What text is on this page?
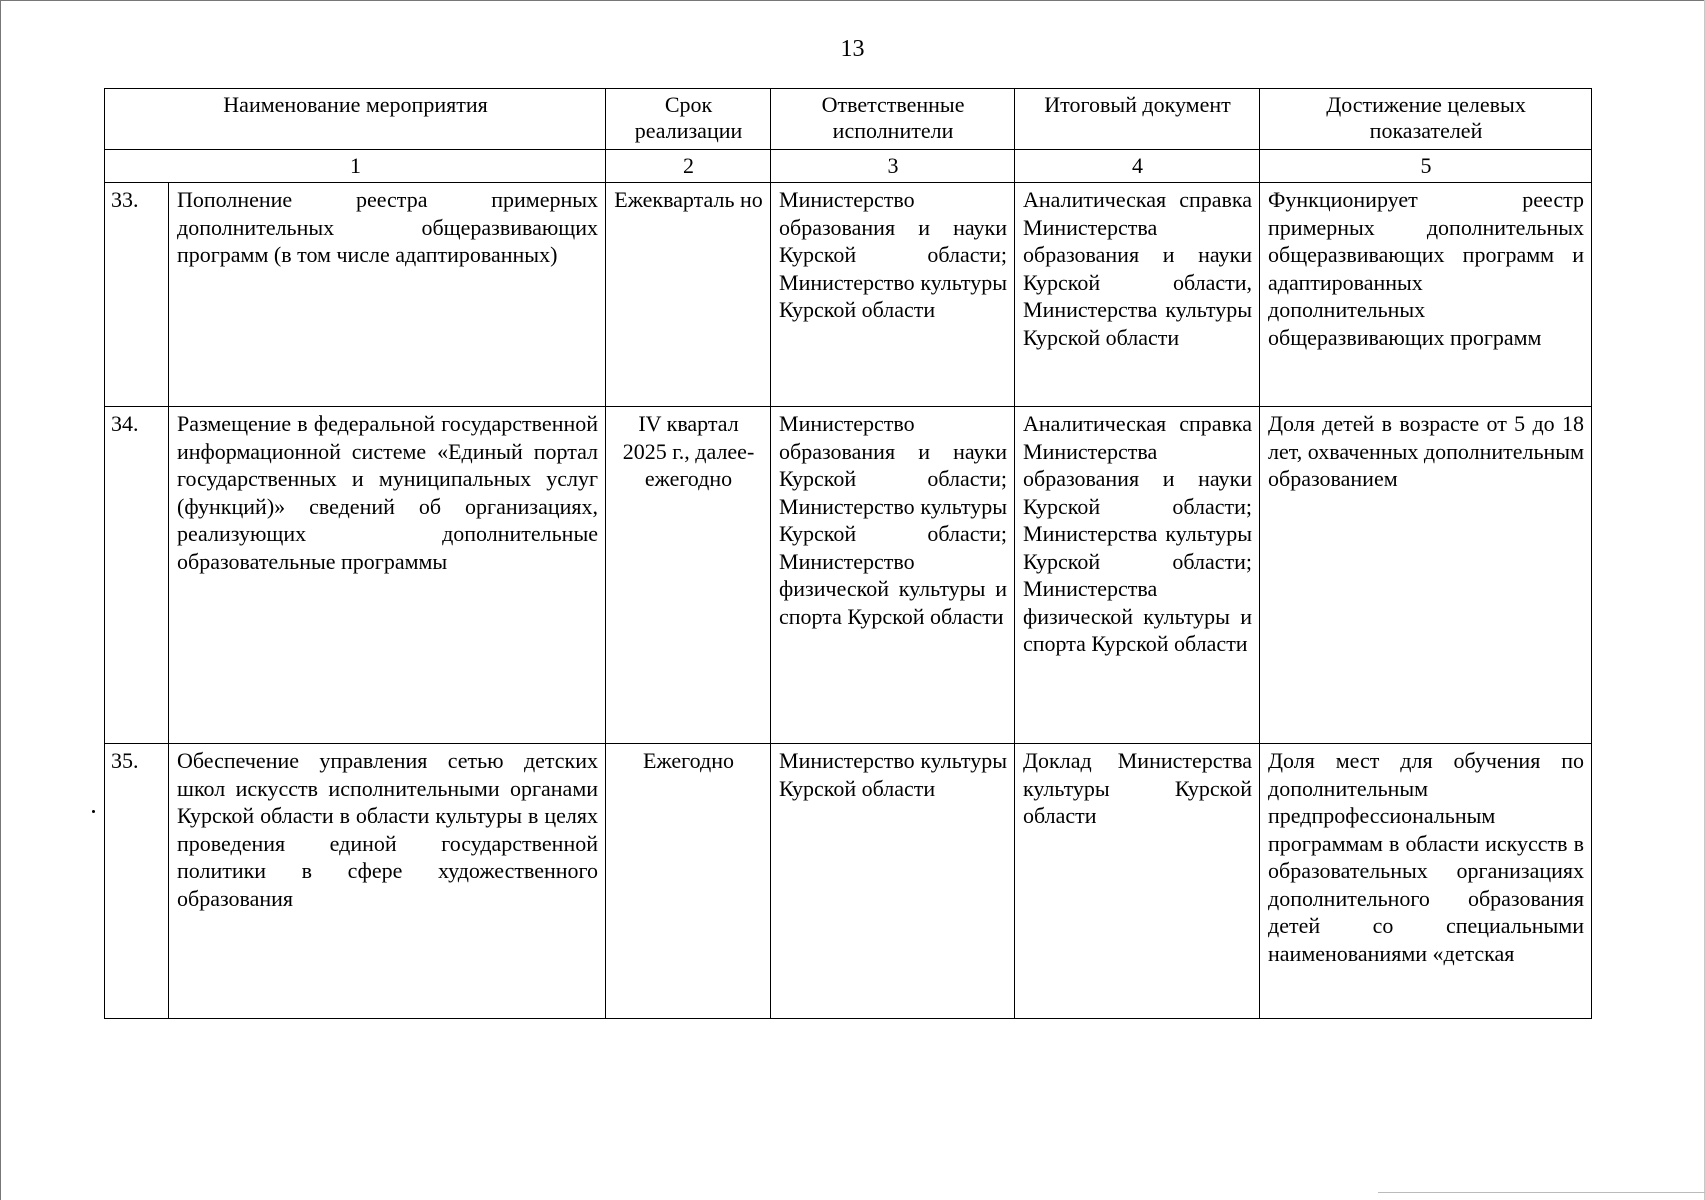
13
Наименование мероприятия		Срок реализации	Ответственные исполнители	Итоговый документ	Достижение целевых показателей
1		2	3	4	5
33.	Пополнение реестра примерных дополнительных общеразвивающих программ (в том числе адаптированных)	Ежекварталь но	Министерство образования и науки Курской области; Министерство культуры Курской области	Аналитическая справка Министерства образования и науки Курской области, Министерства культуры Курской области	Функционирует реестр примерных дополнительных общеразвивающих программ и адаптированных дополнительных общеразвивающих программ
34.	Размещение в федеральной государственной информационной системе «Единый портал государственных и муниципальных услуг (функций)» сведений об организациях, реализующих дополнительные образовательные программы	IV квартал 2025 г., далее- ежегодно	Министерство образования и науки Курской области; Министерство культуры Курской области; Министерство физической культуры и спорта Курской области	Аналитическая справка Министерства образования и науки Курской области; Министерства культуры Курской области; Министерства физической культуры и спорта Курской области	Доля детей в возрасте от 5 до 18 лет, охваченных дополнительным образованием
35.	Обеспечение управления сетью детских школ искусств исполнительными органами Курской области в области культуры в целях проведения единой государственной политики в сфере художественного образования	Ежегодно	Министерство культуры Курской области	Доклад Министерства культуры Курской области	Доля мест для обучения по дополнительным предпрофессиональным программам в области искусств в образовательных организациях дополнительного образования детей со специальными наименованиями «детская
